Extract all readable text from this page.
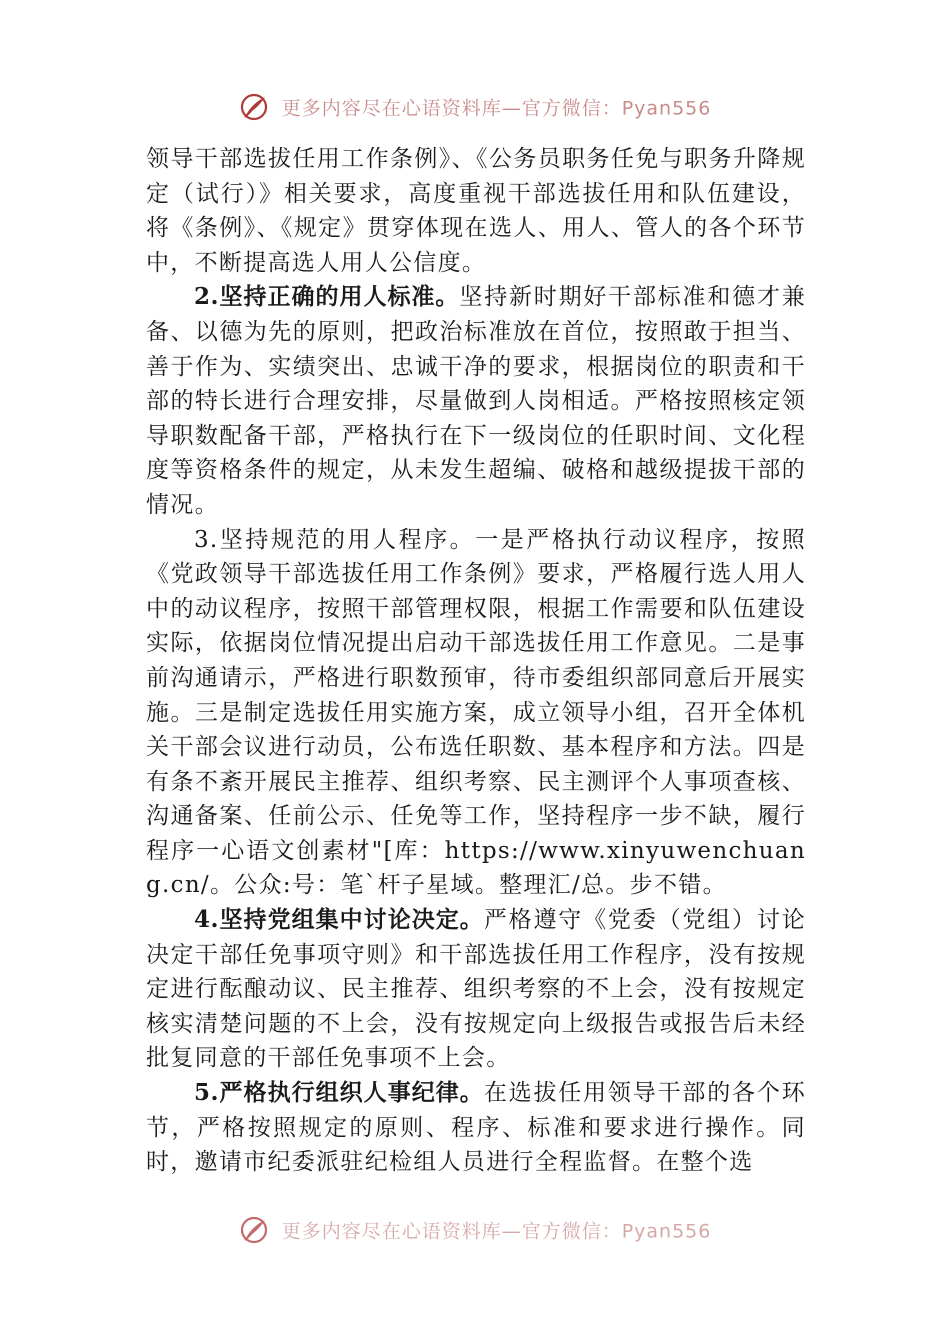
更多内容尽在心语资料库—官方微信：Pyan556

领导干部选拔任用工作条例》、《公务员职务任免与职务升降规定（试行）》相关要求，高度重视干部选拔任用和队伍建设，将《条例》、《规定》贯穿体现在选人、用人、管人的各个环节中，不断提高选人用人公信度。

2.坚持正确的用人标准。坚持新时期好干部标准和德才兼备、以德为先的原则，把政治标准放在首位，按照敢于担当、善于作为、实绩突出、忠诚干净的要求，根据岗位的职责和干部的特长进行合理安排，尽量做到人岗相适。严格按照核定领导职数配备干部，严格执行在下一级岗位的任职时间、文化程度等资格条件的规定，从未发生超编、破格和越级提拔干部的情况。

3.坚持规范的用人程序。一是严格执行动议程序，按照《党政领导干部选拔任用工作条例》要求，严格履行选人用人中的动议程序，按照干部管理权限，根据工作需要和队伍建设实际，依据岗位情况提出启动干部选拔任用工作意见。二是事前沟通请示，严格进行职数预审，待市委组织部同意后开展实施。三是制定选拔任用实施方案，成立领导小组，召开全体机关干部会议进行动员，公布选任职数、基本程序和方法。四是有条不紊开展民主推荐、组织考察、民主测评个人事项查核、沟通备案、任前公示、任免等工作，坚持程序一步不缺，履行程序一心语文创素材"[库：https://www.xinyuwenchuang.cn/。公众:号：笔`杆子星域。整理汇/总。步不错。

4.坚持党组集中讨论决定。严格遵守《党委（党组）讨论决定干部任免事项守则》和干部选拔任用工作程序，没有按规定进行酝酿动议、民主推荐、组织考察的不上会，没有按规定核实清楚问题的不上会，没有按规定向上级报告或报告后未经批复同意的干部任免事项不上会。

5.严格执行组织人事纪律。在选拔任用领导干部的各个环节，严格按照规定的原则、程序、标准和要求进行操作。同时，邀请市纪委派驻纪检组人员进行全程监督。在整个选

更多内容尽在心语资料库—官方微信：Pyan556
